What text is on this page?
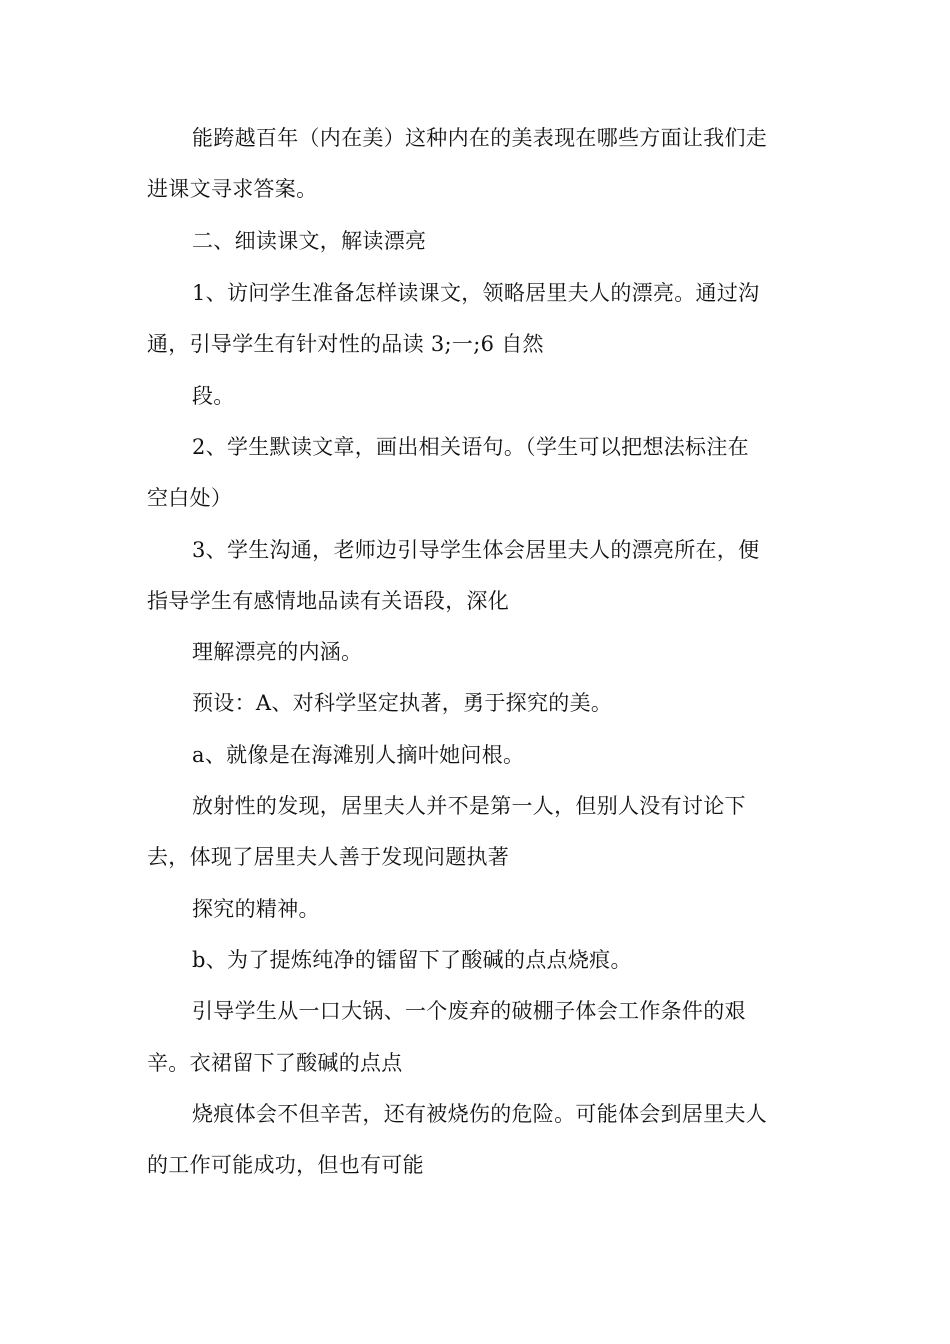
能跨越百年（内在美）这种内在的美表现在哪些方面让我们走
进课文寻求答案。
二、细读课文，解读漂亮
1、访问学生准备怎样读课文，领略居里夫人的漂亮。通过沟
通，引导学生有针对性的品读 3;一;6 自然
段。
2、学生默读文章，画出相关语句。（学生可以把想法标注在
空白处）
3、学生沟通，老师边引导学生体会居里夫人的漂亮所在，便
指导学生有感情地品读有关语段，深化
理解漂亮的内涵。
预设：A、对科学坚定执著，勇于探究的美。
a、就像是在海滩别人摘叶她问根。
放射性的发现，居里夫人并不是第一人，但别人没有讨论下
去，体现了居里夫人善于发现问题执著
探究的精神。
b、为了提炼纯净的镭留下了酸碱的点点烧痕。
引导学生从一口大锅、一个废弃的破棚子体会工作条件的艰
辛。衣裙留下了酸碱的点点
烧痕体会不但辛苦，还有被烧伤的危险。可能体会到居里夫人
的工作可能成功，但也有可能
